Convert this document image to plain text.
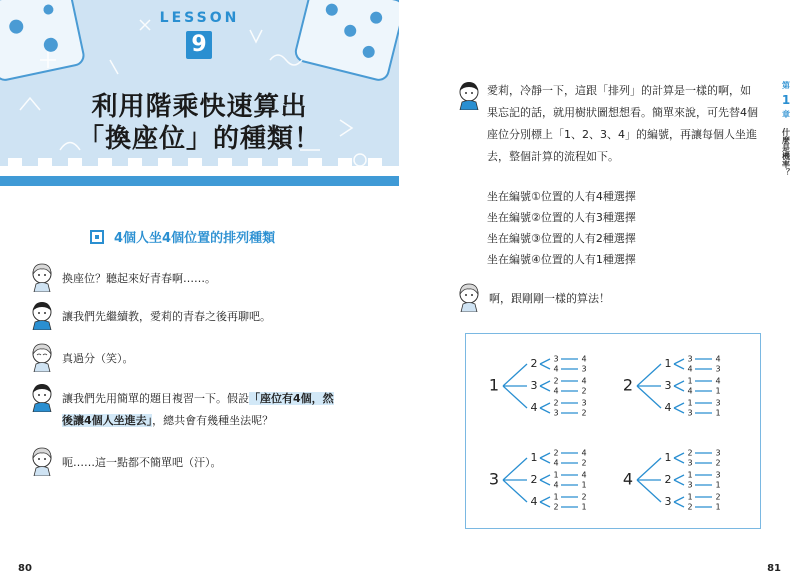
LESSON
9
利用階乘快速算出
「換座位」的種類！
4個人坐4個位置的排列種類
換座位？聽起來好青春啊……。
讓我們先繼續教，愛莉的青春之後再聊吧。
真過分（笑）。
讓我們先用簡單的題目複習一下。假設「座位有4個，然
後讓4個人坐進去」，總共會有幾種坐法呢？
呃……這一點都不簡單吧（汗）。
80
第
1
章
什麼是機率？
愛莉，冷靜一下，這跟「排列」的計算是一樣的啊，如
果忘記的話，就用樹狀圖想想看。簡單來說，可先替4個
座位分別標上「1、2、3、4」的編號，再讓每個人坐進
去，整個計算的流程如下。
坐在編號①位置的人有4種選擇
坐在編號②位置的人有3種選擇
坐在編號③位置的人有2種選擇
坐在編號④位置的人有1種選擇
啊，跟剛剛一樣的算法！
1
2 3	4
4	3
3 2	4
4	2
4 2	3
3	2
2
1 3	4
4	3
3 1	4
4	1
4 1	3
3	1
3
1 2	4
4	2
2 1	4
4	1
4 1	2
2	1
4
1 2	3
3	2
2 1	3
3	1
3 1	2
2	1
81
